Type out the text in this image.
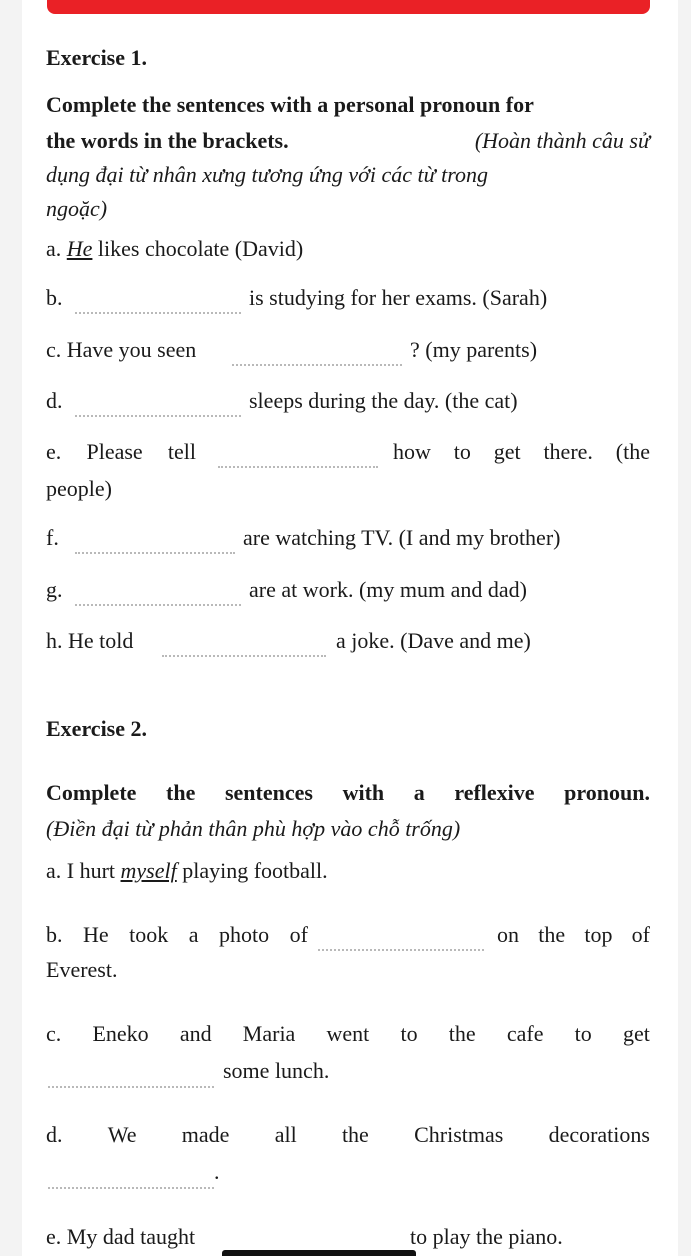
Exercise 1.
Complete the sentences with a personal pronoun for
the words in the brackets.	(Hoàn thành câu sử
dụng đại từ nhân xưng tương ứng với các từ trong
ngoặc)
a. He likes chocolate (David)
b.	is studying for her exams. (Sarah)
c. Have you seen	? (my parents)
d.	sleeps during the day. (the cat)
e. Please tell	how to get there. (the
people)
f.	are watching TV. (I and my brother)
g.	are at work. (my mum and dad)
h. He told	a joke. (Dave and me)
Exercise 2.
Complete the sentences with a reflexive pronoun.
(Điền đại từ phản thân phù hợp vào chỗ trống)
a. I hurt myself playing football.
b. He took a photo of	on the top of
Everest.
c. Eneko and Maria went to the cafe to get
some lunch.
d. We made all the Christmas decorations
.
e. My dad taught	to play the piano.
